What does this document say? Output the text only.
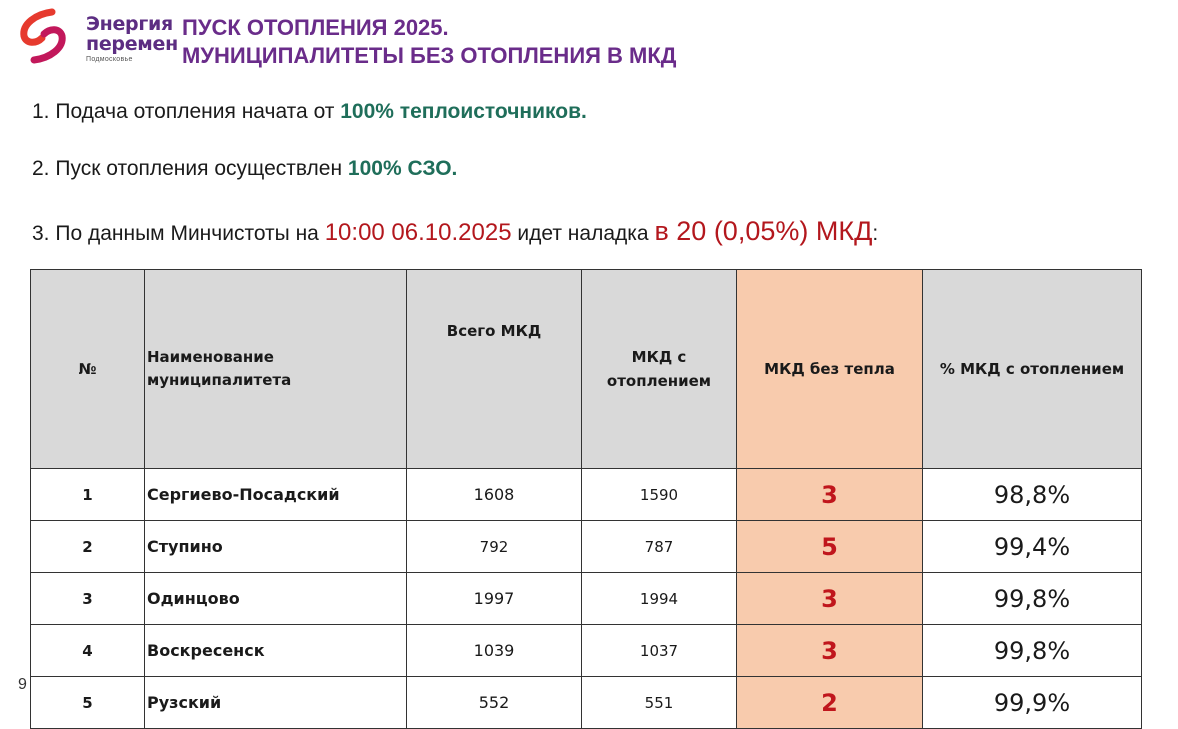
Энергия
перемен
Подмосковье
ПУСК ОТОПЛЕНИЯ 2025.
МУНИЦИПАЛИТЕТЫ БЕЗ ОТОПЛЕНИЯ В МКД
1. Подача отопления начата от 100% теплоисточников.
2. Пуск отопления осуществлен 100% СЗО.
3. По данным Минчистоты на 10:00 06.10.2025 идет наладка в 20 (0,05%) МКД:
№	Наименование муниципалитета	Всего МКД	МКД с отоплением	МКД без тепла	% МКД с отоплением
1	Сергиево-Посадский	1608	1590	3	98,8%
2	Ступино	792	787	5	99,4%
3	Одинцово	1997	1994	3	99,8%
4	Воскресенск	1039	1037	3	99,8%
5	Рузский	552	551	2	99,9%
9
